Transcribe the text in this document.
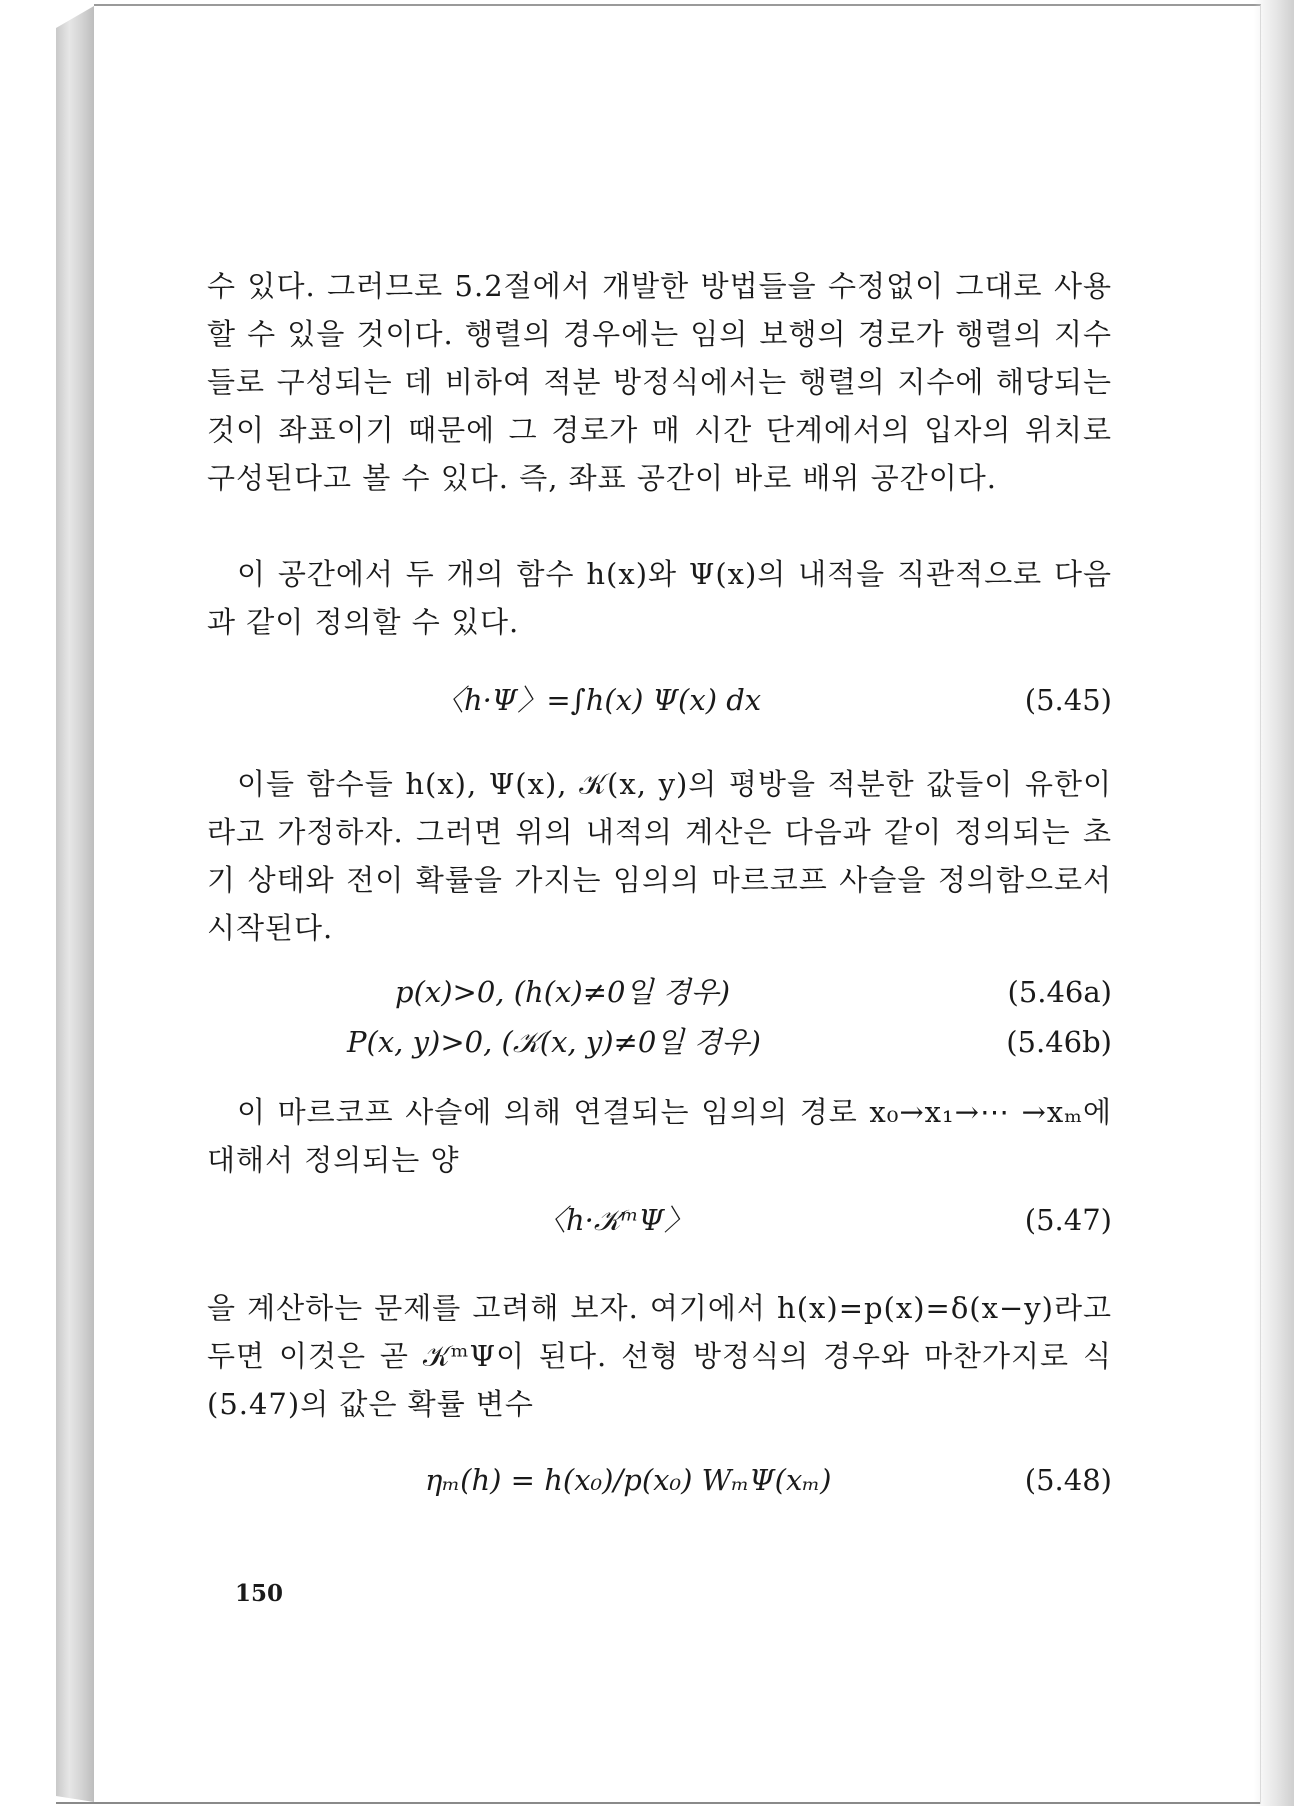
수 있다. 그러므로 5.2절에서 개발한 방법들을 수정없이 그대로 사용할 수 있을 것이다. 행렬의 경우에는 임의 보행의 경로가 행렬의 지수들로 구성되는 데 비하여 적분 방정식에서는 행렬의 지수에 해당되는 것이 좌표이기 때문에 그 경로가 매 시간 단계에서의 입자의 위치로 구성된다고 볼 수 있다. 즉, 좌표 공간이 바로 배위 공간이다.

이 공간에서 두 개의 함수 h(x)와 Ψ(x)의 내적을 직관적으로 다음과 같이 정의할 수 있다.

〈h·Ψ〉=∫h(x) Ψ(x) dx	(5.45)

이들 함수들 h(x), Ψ(x), 𝒦(x, y)의 평방을 적분한 값들이 유한이라고 가정하자. 그러면 위의 내적의 계산은 다음과 같이 정의되는 초기 상태와 전이 확률을 가지는 임의의 마르코프 사슬을 정의함으로서 시작된다.

p(x)>0, (h(x)≠0일 경우)	(5.46a)
P(x, y)>0, (𝒦(x, y)≠0일 경우)	(5.46b)

이 마르코프 사슬에 의해 연결되는 임의의 경로 x₀→x₁→⋯ →xₘ에 대해서 정의되는 양

〈h·𝒦ᵐΨ〉	(5.47)

을 계산하는 문제를 고려해 보자. 여기에서 h(x)=p(x)=δ(x−y)라고 두면 이것은 곧 𝒦ᵐΨ이 된다. 선형 방정식의 경우와 마찬가지로 식 (5.47)의 값은 확률 변수

ηₘ(h) = h(x₀)/p(x₀) WₘΨ(xₘ)	(5.48)
150
